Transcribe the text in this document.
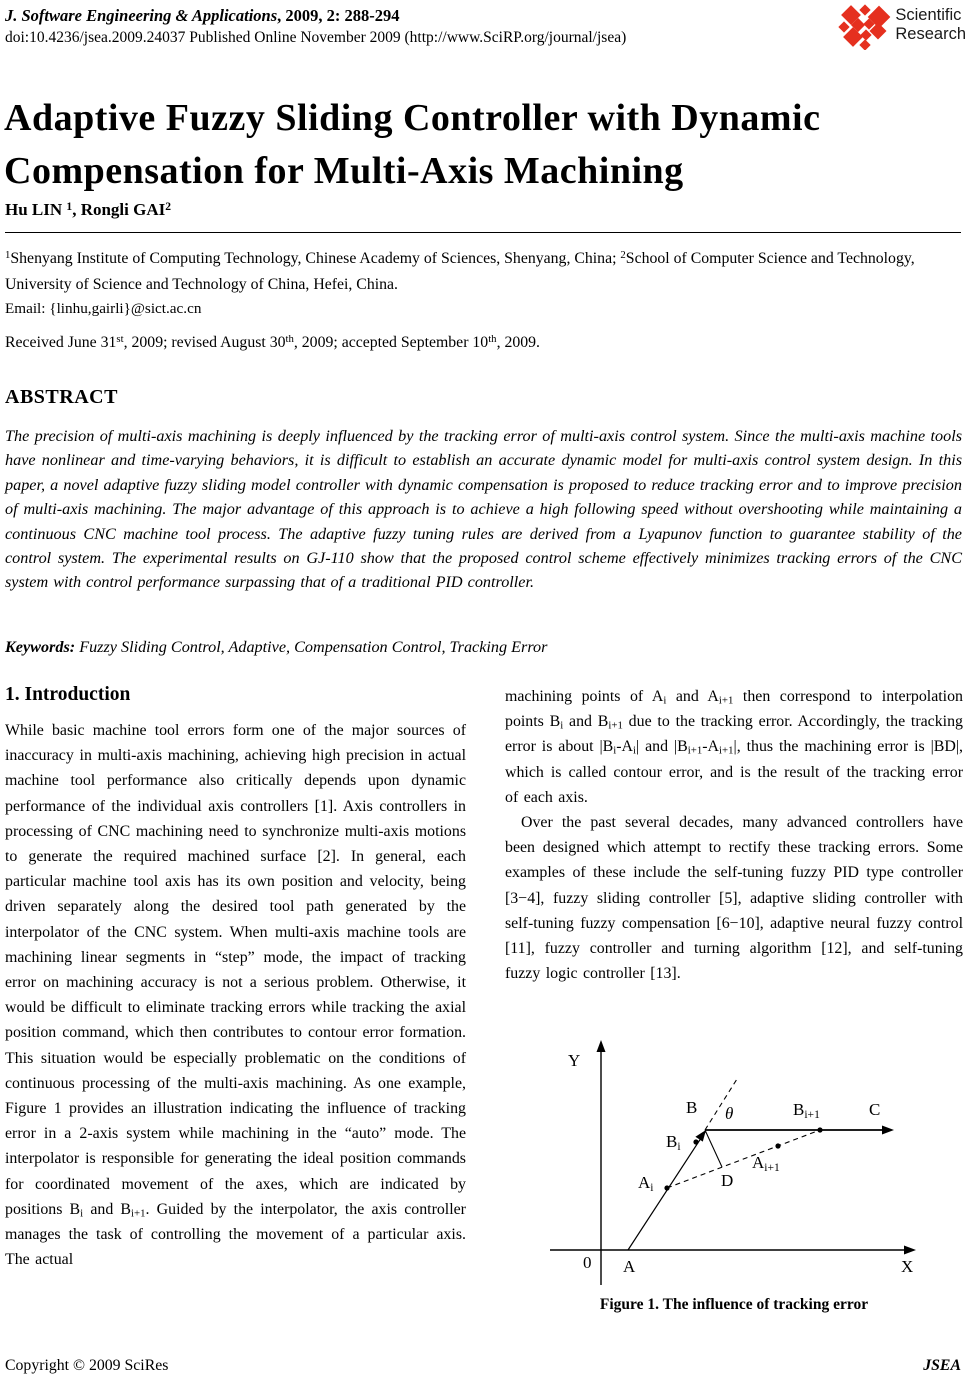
J. Software Engineering & Applications, 2009, 2: 288-294
doi:10.4236/jsea.2009.24037 Published Online November 2009 (http://www.SciRP.org/journal/jsea)
Scientific
Research
Adaptive Fuzzy Sliding Controller with Dynamic
Compensation for Multi-Axis Machining
Hu LIN $^1$, Rongli GAI$^2$
$^1$Shenyang Institute of Computing Technology, Chinese Academy of Sciences, Shenyang, China; $^2$School of Computer Science and Technology, University of Science and Technology of China, Hefei, China.
Email: {linhu,gairli}@sict.ac.cn
Received June 31st, 2009; revised August 30th, 2009; accepted September 10th, 2009.
ABSTRACT
The precision of multi-axis machining is deeply influenced by the tracking error of multi-axis control system. Since the multi-axis machine tools have nonlinear and time-varying behaviors, it is difficult to establish an accurate dynamic model for multi-axis control system design. In this paper, a novel adaptive fuzzy sliding model controller with dynamic compensation is proposed to reduce tracking error and to improve precision of multi-axis machining. The major advantage of this approach is to achieve a high following speed without overshooting while maintaining a continuous CNC machine tool process. The adaptive fuzzy tuning rules are derived from a Lyapunov function to guarantee stability of the control system. The experimental results on GJ-110 show that the proposed control scheme effectively minimizes tracking errors of the CNC system with control performance surpassing that of a traditional PID controller.
Keywords: Fuzzy Sliding Control, Adaptive, Compensation Control, Tracking Error
1. Introduction

While basic machine tool errors form one of the major sources of inaccuracy in multi-axis machining, achieving high precision in actual machine tool performance also critically depends upon dynamic performance of the individual axis controllers [1]. Axis controllers in processing of CNC machining need to synchronize multi-axis motions to generate the required machined surface [2]. In general, each particular machine tool axis has its own position and velocity, being driven separately along the desired tool path generated by the interpolator of the CNC system. When multi-axis machine tools are machining linear segments in “step” mode, the impact of tracking error on machining accuracy is not a serious problem. Otherwise, it would be difficult to eliminate tracking errors while tracking the axial position command, which then contributes to contour error formation. This situation would be especially problematic on the conditions of continuous processing of the multi-axis machining. As one example, Figure 1 provides an illustration indicating the influence of tracking error in a 2-axis system while machining in the “auto” mode. The interpolator is responsible for generating the ideal position commands for coordinated movement of the axes, which are indicated by positions $B_i$ and $B_{i+1}$. Guided by the interpolator, the axis controller manages the task of controlling the movement of a particular axis. The actual

machining points of $A_i$ and $A_{i+1}$ then correspond to interpolation points $B_i$ and $B_{i+1}$ due to the tracking error. Accordingly, the tracking error is about $|B_i-A_i|$ and $|B_{i+1}-A_{i+1}|$, thus the machining error is |BD|, which is called contour error, and is the result of the tracking error of each axis.

Over the past several decades, many advanced controllers have been designed which attempt to rectify these tracking errors. Some examples of these include the self-tuning fuzzy PID type controller [3−4], fuzzy sliding controller [5], adaptive sliding controller with self-tuning fuzzy compensation [6−10], adaptive neural fuzzy control [11], fuzzy controller and turning algorithm [12], and self-tuning fuzzy logic controller [13].

Y
X
0 A
B θ	C
$B_i$
$B_{i+1}$
$A_i$
$A_{i+1}$
D
Figure 1. The influence of tracking error
Copyright © 2009 SciRes	JSEA
